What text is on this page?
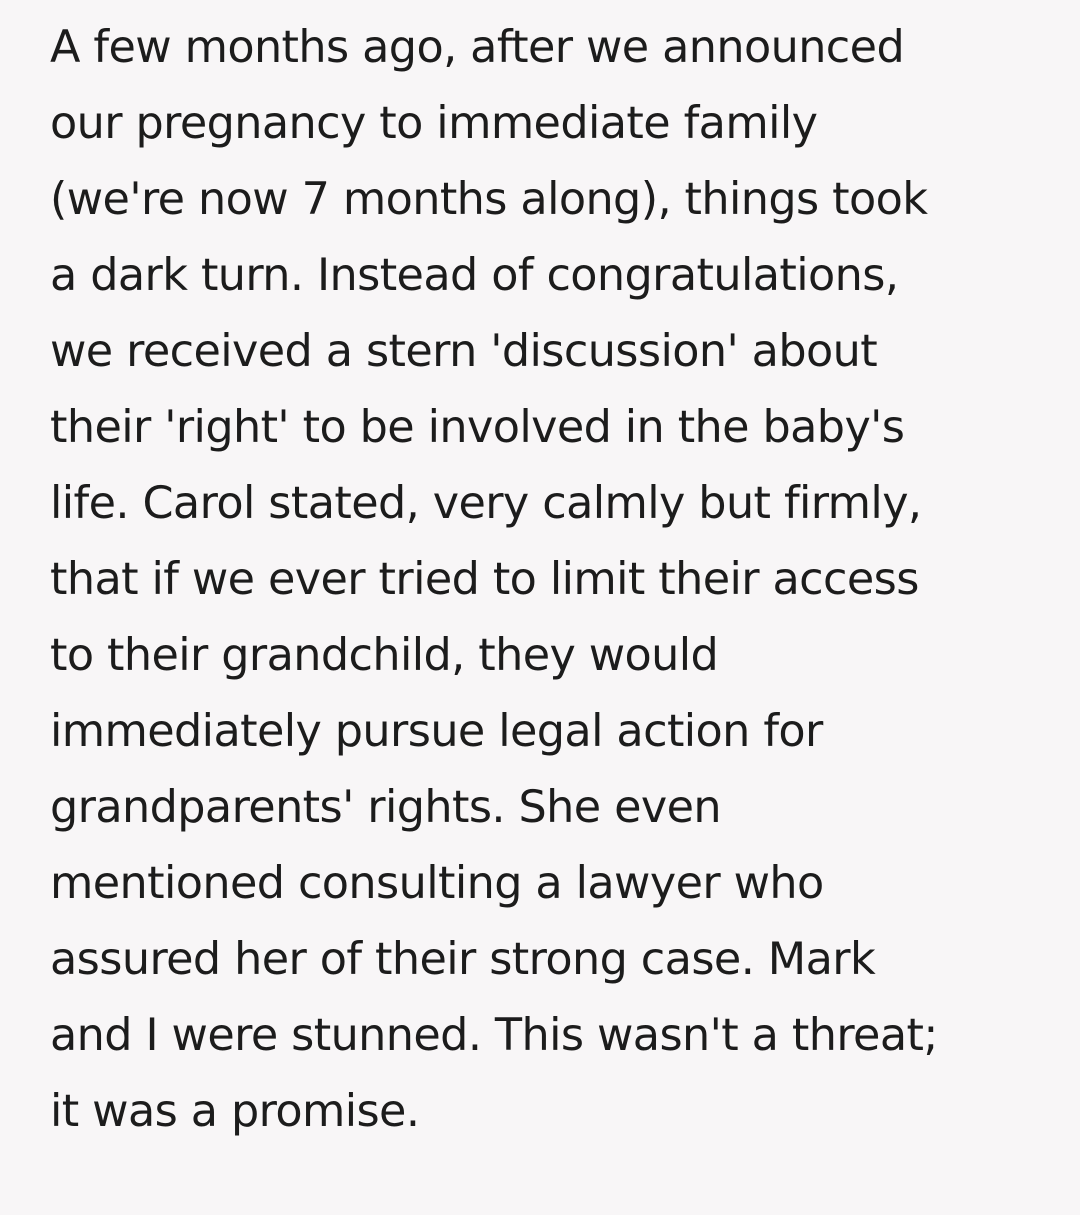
A few months ago, after we announced
our pregnancy to immediate family
(we're now 7 months along), things took
a dark turn. Instead of congratulations,
we received a stern 'discussion' about
their 'right' to be involved in the baby's
life. Carol stated, very calmly but firmly,
that if we ever tried to limit their access
to their grandchild, they would
immediately pursue legal action for
grandparents' rights. She even
mentioned consulting a lawyer who
assured her of their strong case. Mark
and I were stunned. This wasn't a threat;
it was a promise.
